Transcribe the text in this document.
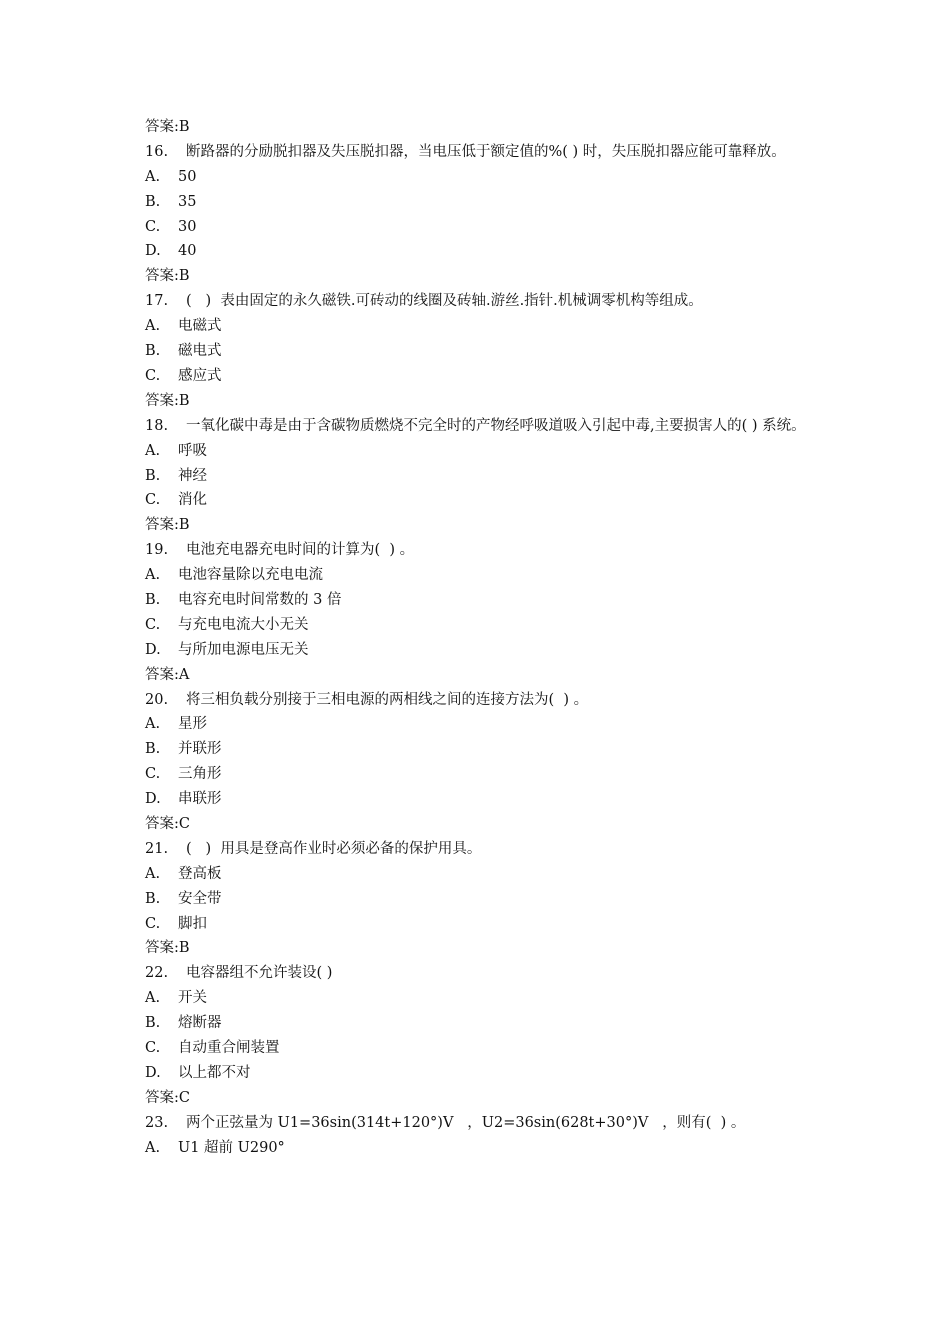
答案:B
16. 断路器的分励脱扣器及失压脱扣器，当电压低于额定值的%( ) 时，失压脱扣器应能可靠释放。
A. 50
B. 35
C. 30
D. 40
答案:B
17. (   )  表由固定的永久磁铁.可砖动的线圈及砖轴.游丝.指针.机械调零机构等组成。
A. 电磁式
B. 磁电式
C. 感应式
答案:B
18. 一氧化碳中毒是由于含碳物质燃烧不完全时的产物经呼吸道吸入引起中毒,主要损害人的( ) 系统。
A. 呼吸
B. 神经
C. 消化
答案:B
19. 电池充电器充电时间的计算为(  ) 。
A. 电池容量除以充电电流
B. 电容充电时间常数的 3 倍
C. 与充电电流大小无关
D. 与所加电源电压无关
答案:A
20. 将三相负载分别接于三相电源的两相线之间的连接方法为(  ) 。
A. 星形
B. 并联形
C. 三角形
D. 串联形
答案:C
21. (   )  用具是登高作业时必须必备的保护用具。
A. 登高板
B. 安全带
C. 脚扣
答案:B
22. 电容器组不允许装设( )
A. 开关
B. 熔断器
C. 自动重合闸装置
D. 以上都不对
答案:C
23. 两个正弦量为 U1=36sin(314t+120°)V   ，U2=36sin(628t+30°)V   ，则有(  ) 。
A. U1 超前 U290°
